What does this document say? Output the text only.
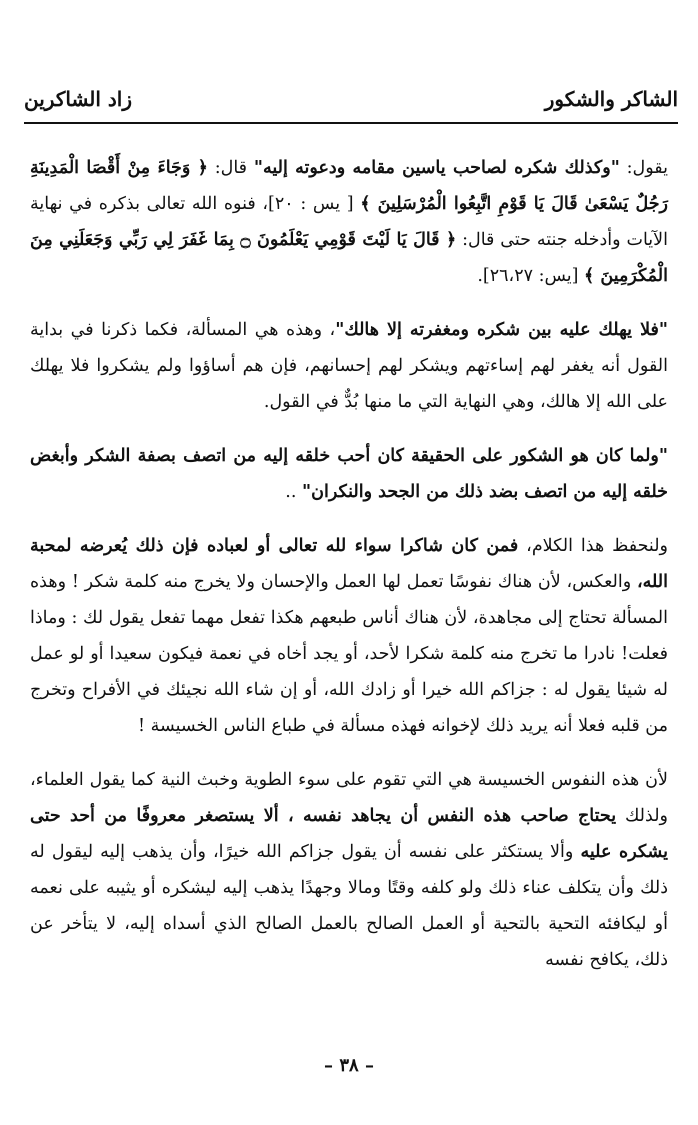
الشاكر والشكور
زاد الشاكرين

يقول: "وكذلك شكره لصاحب ياسين مقامه ودعوته إليه" قال: ﴿ وَجَاءَ مِنْ أَقْصَا الْمَدِينَةِ رَجُلٌ يَسْعَىٰ قَالَ يَا قَوْمِ اتَّبِعُوا الْمُرْسَلِينَ ﴾ [ يس : ٢٠]، فنوه الله تعالى بذكره في نهاية الآيات وأدخله جنته حتى قال: ﴿ قَالَ يَا لَيْتَ قَوْمِي يَعْلَمُونَ ۝ بِمَا غَفَرَ لِي رَبِّي وَجَعَلَنِي مِنَ الْمُكْرَمِينَ ﴾ [يس: ٢٦،٢٧].

"فلا يهلك عليه بين شكره ومغفرته إلا هالك"، وهذه هي المسألة، فكما ذكرنا في بداية القول أنه يغفر لهم إساءتهم ويشكر لهم إحسانهم، فإن هم أساؤوا ولم يشكروا فلا يهلك على الله إلا هالك، وهي النهاية التي ما منها بُدٌّ في القول.

"ولما كان هو الشكور على الحقيقة كان أحب خلقه إليه من اتصف بصفة الشكر وأبغض خلقه إليه من اتصف بضد ذلك من الجحد والنكران" ..

ولنحفظ هذا الكلام، فمن كان شاكرا سواء لله تعالى أو لعباده فإن ذلك يُعرضه لمحبة الله، والعكس، لأن هناك نفوسًا تعمل لها العمل والإحسان ولا يخرج منه كلمة شكر ! وهذه المسألة تحتاج إلى مجاهدة، لأن هناك أناس طبعهم هكذا تفعل مهما تفعل يقول لك : وماذا فعلت! نادرا ما تخرج منه كلمة شكرا لأحد، أو يجد أخاه في نعمة فيكون سعيدا أو لو عمل له شيئا يقول له : جزاكم الله خيرا أو زادك الله، أو إن شاء الله نجيئك في الأفراح وتخرج من قلبه فعلا أنه يريد ذلك لإخوانه فهذه مسألة في طباع الناس الخسيسة !

لأن هذه النفوس الخسيسة هي التي تقوم على سوء الطوية وخبث النية كما يقول العلماء، ولذلك يحتاج صاحب هذه النفس أن يجاهد نفسه ، ألا يستصغر معروفًا من أحد حتى يشكره عليه وألا يستكثر على نفسه أن يقول جزاكم الله خيرًا، وأن يذهب إليه ليقول له ذلك وأن يتكلف عناء ذلك ولو كلفه وقتًا ومالا وجهدًا يذهب إليه ليشكره أو يثيبه على نعمه أو ليكافئه التحية بالتحية أو العمل الصالح بالعمل الصالح الذي أسداه إليه، لا يتأخر عن ذلك، يكافح نفسه

– ٣٨ –
